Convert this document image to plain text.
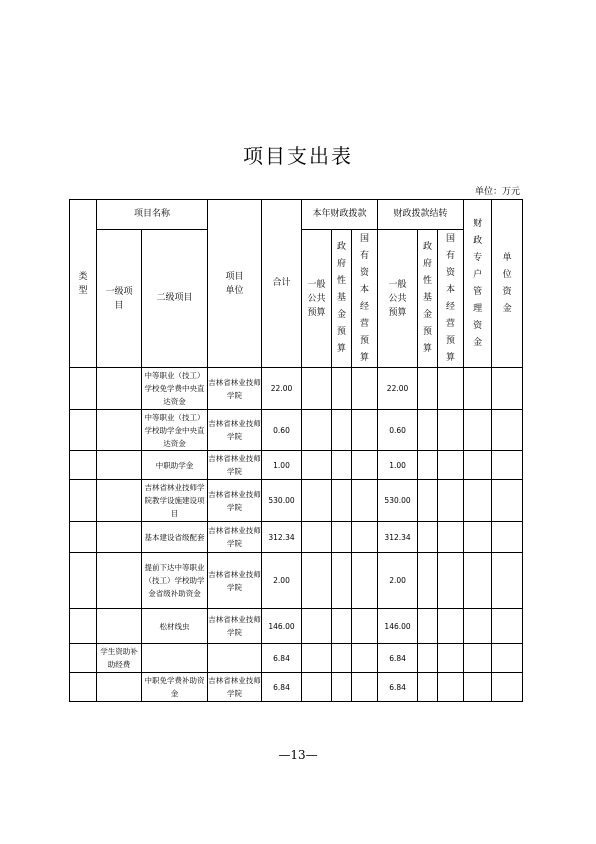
项目支出表
单位：万元
类型	项目名称		项目单位	合计	本年财政拨款			财政拨款结转			财政专户管理资金	单位资金
	一级项目	二级项目			一般公共预算	政府性基金预算	国有资本经营预算	一般公共预算	政府性基金预算	国有资本经营预算		
		中等职业（技工）学校免学费中央直达资金	吉林省林业技师学院	22.00				22.00				
		中等职业（技工）学校助学金中央直达资金	吉林省林业技师学院	0.60				0.60				
		中职助学金	吉林省林业技师学院	1.00				1.00				
		吉林省林业技师学院教学设施建设项目	吉林省林业技师学院	530.00				530.00				
		基本建设省级配套	吉林省林业技师学院	312.34				312.34				
		提前下达中等职业（技工）学校助学金省级补助资金	吉林省林业技师学院	2.00				2.00				
		松材线虫	吉林省林业技师学院	146.00				146.00				
	学生资助补助经费			6.84				6.84				
		中职免学费补助资金	吉林省林业技师学院	6.84				6.84				
—13—
